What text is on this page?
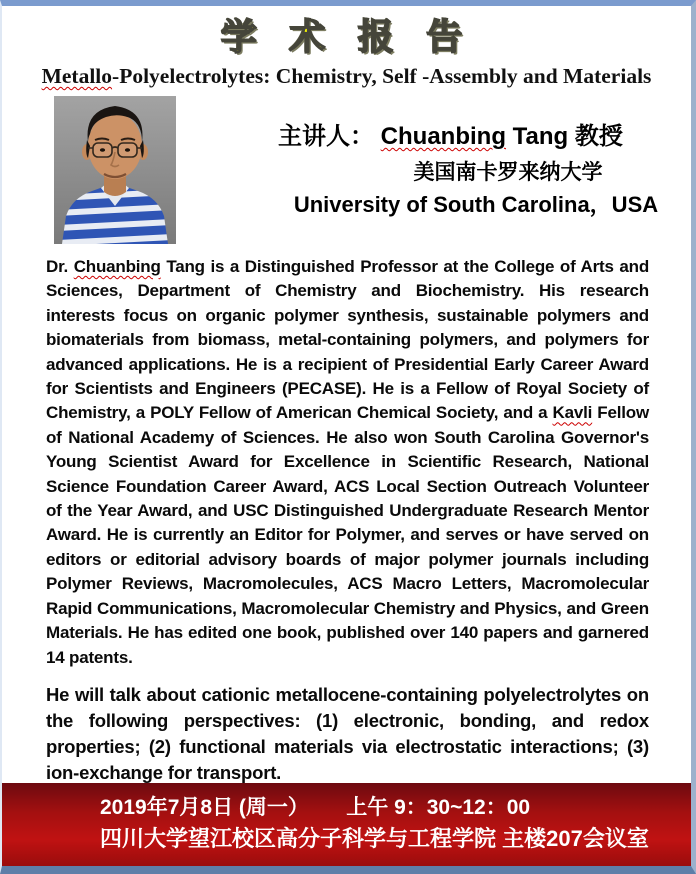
学 术 报 告
Metallo-Polyelectrolytes: Chemistry, Self -Assembly and Materials
主讲人： Chuanbing Tang 教授
美国南卡罗来纳大学
University of South Carolina，USA

Dr. Chuanbing Tang is a Distinguished Professor at the College of Arts and Sciences, Department of Chemistry and Biochemistry. His research interests focus on organic polymer synthesis, sustainable polymers and biomaterials from biomass, metal-containing polymers, and polymers for advanced applications. He is a recipient of Presidential Early Career Award for Scientists and Engineers (PECASE). He is a Fellow of Royal Society of Chemistry, a POLY Fellow of American Chemical Society, and a Kavli Fellow of National Academy of Sciences. He also won South Carolina Governor's Young Scientist Award for Excellence in Scientific Research, National Science Foundation Career Award, ACS Local Section Outreach Volunteer of the Year Award, and USC Distinguished Undergraduate Research Mentor Award. He is currently an Editor for Polymer, and serves or have served on editors or editorial advisory boards of major polymer journals including Polymer Reviews, Macromolecules, ACS Macro Letters, Macromolecular Rapid Communications, Macromolecular Chemistry and Physics, and Green Materials. He has edited one book, published over 140 papers and garnered 14 patents.

He will talk about cationic metallocene-containing polyelectrolytes on the following perspectives: (1) electronic, bonding, and redox properties; (2) functional materials via electrostatic interactions; (3) ion-exchange for transport.

2019年7月8日 (周一）　　 上午 9：30~12：00
四川大学望江校区高分子科学与工程学院 主楼207会议室
